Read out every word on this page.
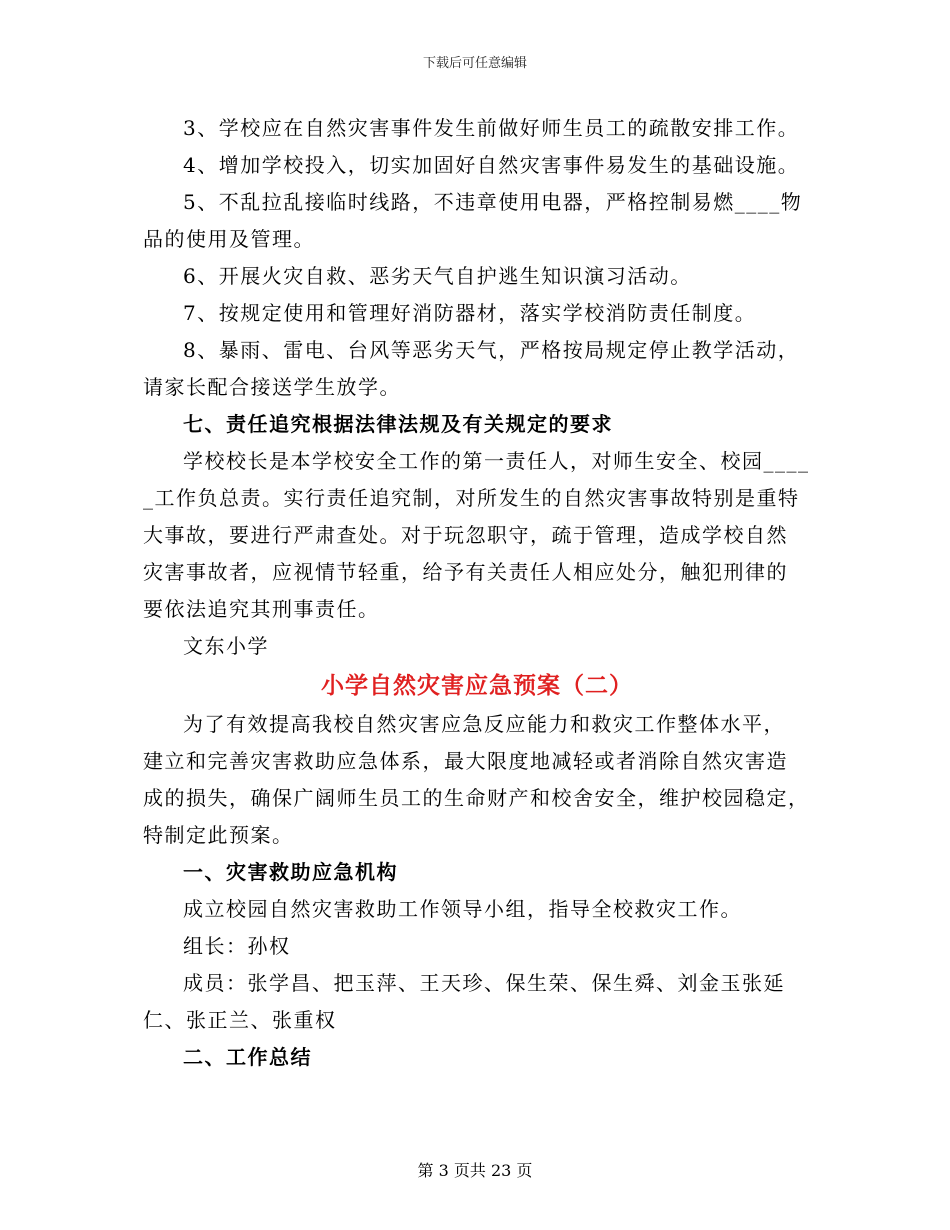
下载后可任意编辑

3、学校应在自然灾害事件发生前做好师生员工的疏散安排工作。

4、增加学校投入，切实加固好自然灾害事件易发生的基础设施。

5、不乱拉乱接临时线路，不违章使用电器，严格控制易燃____物

品的使用及管理。

6、开展火灾自救、恶劣天气自护逃生知识演习活动。

7、按规定使用和管理好消防器材，落实学校消防责任制度。

8、暴雨、雷电、台风等恶劣天气，严格按局规定停止教学活动，

请家长配合接送学生放学。

七、责任追究根据法律法规及有关规定的要求

学校校长是本学校安全工作的第一责任人，对师生安全、校园____

_工作负总责。实行责任追究制，对所发生的自然灾害事故特别是重特

大事故，要进行严肃查处。对于玩忽职守，疏于管理，造成学校自然

灾害事故者，应视情节轻重，给予有关责任人相应处分，触犯刑律的

要依法追究其刑事责任。

文东小学

小学自然灾害应急预案（二）

为了有效提高我校自然灾害应急反应能力和救灾工作整体水平，

建立和完善灾害救助应急体系，最大限度地减轻或者消除自然灾害造

成的损失，确保广阔师生员工的生命财产和校舍安全，维护校园稳定，

特制定此预案。

一、灾害救助应急机构

成立校园自然灾害救助工作领导小组，指导全校救灾工作。

组长：孙权

成员：张学昌、把玉萍、王天珍、保生荣、保生舜、刘金玉张延

仁、张正兰、张重权

二、工作总结

第 3 页共 23 页
